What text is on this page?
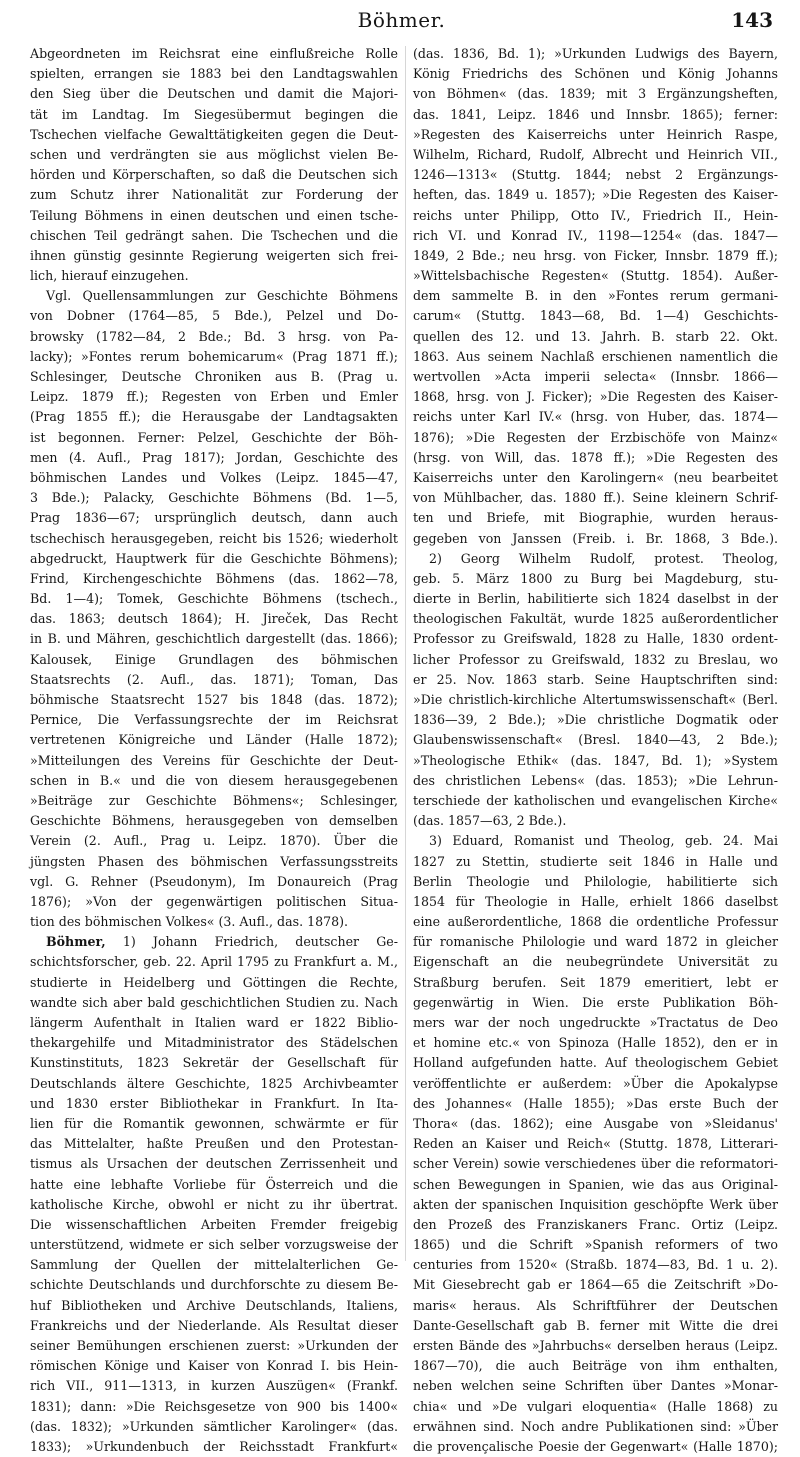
Böhmer.	143
Abgeordneten im Reichsrat eine einflußreiche Rolle
spielten, errangen sie 1883 bei den Landtagswahlen
den Sieg über die Deutschen und damit die Majori-
tät im Landtag. Im Siegesübermut begingen die
Tschechen vielfache Gewalttätigkeiten gegen die Deut-
schen und verdrängten sie aus möglichst vielen Be-
hörden und Körperschaften, so daß die Deutschen sich
zum Schutz ihrer Nationalität zur Forderung der
Teilung Böhmens in einen deutschen und einen tsche-
chischen Teil gedrängt sahen. Die Tschechen und die
ihnen günstig gesinnte Regierung weigerten sich frei-
lich, hierauf einzugehen.
Vgl. Quellensammlungen zur Geschichte Böhmens
von Dobner (1764—85, 5 Bde.), Pelzel und Do-
browsky (1782—84, 2 Bde.; Bd. 3 hrsg. von Pa-
lacky); »Fontes rerum bohemicarum« (Prag 1871 ff.);
Schlesinger, Deutsche Chroniken aus B. (Prag u.
Leipz. 1879 ff.); Regesten von Erben und Emler
(Prag 1855 ff.); die Herausgabe der Landtagsakten
ist begonnen. Ferner: Pelzel, Geschichte der Böh-
men (4. Aufl., Prag 1817); Jordan, Geschichte des
böhmischen Landes und Volkes (Leipz. 1845—47,
3 Bde.); Palacky, Geschichte Böhmens (Bd. 1—5,
Prag 1836—67; ursprünglich deutsch, dann auch
tschechisch herausgegeben, reicht bis 1526; wiederholt
abgedruckt, Hauptwerk für die Geschichte Böhmens);
Frind, Kirchengeschichte Böhmens (das. 1862—78,
Bd. 1—4); Tomek, Geschichte Böhmens (tschech.,
das. 1863; deutsch 1864); H. Jireček, Das Recht
in B. und Mähren, geschichtlich dargestellt (das. 1866);
Kalousek, Einige Grundlagen des böhmischen
Staatsrechts (2. Aufl., das. 1871); Toman, Das
böhmische Staatsrecht 1527 bis 1848 (das. 1872);
Pernice, Die Verfassungsrechte der im Reichsrat
vertretenen Königreiche und Länder (Halle 1872);
»Mitteilungen des Vereins für Geschichte der Deut-
schen in B.« und die von diesem herausgegebenen
»Beiträge zur Geschichte Böhmens«; Schlesinger,
Geschichte Böhmens, herausgegeben von demselben
Verein (2. Aufl., Prag u. Leipz. 1870). Über die
jüngsten Phasen des böhmischen Verfassungsstreits
vgl. G. Rehner (Pseudonym), Im Donaureich (Prag
1876); »Von der gegenwärtigen politischen Situa-
tion des böhmischen Volkes« (3. Aufl., das. 1878).
Böhmer, 1) Johann Friedrich, deutscher Ge-
schichtsforscher, geb. 22. April 1795 zu Frankfurt a. M.,
studierte in Heidelberg und Göttingen die Rechte,
wandte sich aber bald geschichtlichen Studien zu. Nach
längerm Aufenthalt in Italien ward er 1822 Biblio-
thekargehilfe und Mitadministrator des Städelschen
Kunstinstituts, 1823 Sekretär der Gesellschaft für
Deutschlands ältere Geschichte, 1825 Archivbeamter
und 1830 erster Bibliothekar in Frankfurt. In Ita-
lien für die Romantik gewonnen, schwärmte er für
das Mittelalter, haßte Preußen und den Protestan-
tismus als Ursachen der deutschen Zerrissenheit und
hatte eine lebhafte Vorliebe für Österreich und die
katholische Kirche, obwohl er nicht zu ihr übertrat.
Die wissenschaftlichen Arbeiten Fremder freigebig
unterstützend, widmete er sich selber vorzugsweise der
Sammlung der Quellen der mittelalterlichen Ge-
schichte Deutschlands und durchforschte zu diesem Be-
huf Bibliotheken und Archive Deutschlands, Italiens,
Frankreichs und der Niederlande. Als Resultat dieser
seiner Bemühungen erschienen zuerst: »Urkunden der
römischen Könige und Kaiser von Konrad I. bis Hein-
rich VII., 911—1313, in kurzen Auszügen« (Frankf.
1831); dann: »Die Reichsgesetze von 900 bis 1400«
(das. 1832); »Urkunden sämtlicher Karolinger« (das.
1833); »Urkundenbuch der Reichsstadt Frankfurt«
(das. 1836, Bd. 1); »Urkunden Ludwigs des Bayern,
König Friedrichs des Schönen und König Johanns
von Böhmen« (das. 1839; mit 3 Ergänzungsheften,
das. 1841, Leipz. 1846 und Innsbr. 1865); ferner:
»Regesten des Kaiserreichs unter Heinrich Raspe,
Wilhelm, Richard, Rudolf, Albrecht und Heinrich VII.,
1246—1313« (Stuttg. 1844; nebst 2 Ergänzungs-
heften, das. 1849 u. 1857); »Die Regesten des Kaiser-
reichs unter Philipp, Otto IV., Friedrich II., Hein-
rich VI. und Konrad IV., 1198—1254« (das. 1847—
1849, 2 Bde.; neu hrsg. von Ficker, Innsbr. 1879 ff.);
»Wittelsbachische Regesten« (Stuttg. 1854). Außer-
dem sammelte B. in den »Fontes rerum germani-
carum« (Stuttg. 1843—68, Bd. 1—4) Geschichts-
quellen des 12. und 13. Jahrh. B. starb 22. Okt.
1863. Aus seinem Nachlaß erschienen namentlich die
wertvollen »Acta imperii selecta« (Innsbr. 1866—
1868, hrsg. von J. Ficker); »Die Regesten des Kaiser-
reichs unter Karl IV.« (hrsg. von Huber, das. 1874—
1876); »Die Regesten der Erzbischöfe von Mainz«
(hrsg. von Will, das. 1878 ff.); »Die Regesten des
Kaiserreichs unter den Karolingern« (neu bearbeitet
von Mühlbacher, das. 1880 ff.). Seine kleinern Schrif-
ten und Briefe, mit Biographie, wurden heraus-
gegeben von Janssen (Freib. i. Br. 1868, 3 Bde.).
2) Georg Wilhelm Rudolf, protest. Theolog,
geb. 5. März 1800 zu Burg bei Magdeburg, stu-
dierte in Berlin, habilitierte sich 1824 daselbst in der
theologischen Fakultät, wurde 1825 außerordentlicher
Professor zu Greifswald, 1828 zu Halle, 1830 ordent-
licher Professor zu Greifswald, 1832 zu Breslau, wo
er 25. Nov. 1863 starb. Seine Hauptschriften sind:
»Die christlich-kirchliche Altertumswissenschaft« (Berl.
1836—39, 2 Bde.); »Die christliche Dogmatik oder
Glaubenswissenschaft« (Bresl. 1840—43, 2 Bde.);
»Theologische Ethik« (das. 1847, Bd. 1); »System
des christlichen Lebens« (das. 1853); »Die Lehrun-
terschiede der katholischen und evangelischen Kirche«
(das. 1857—63, 2 Bde.).
3) Eduard, Romanist und Theolog, geb. 24. Mai
1827 zu Stettin, studierte seit 1846 in Halle und
Berlin Theologie und Philologie, habilitierte sich
1854 für Theologie in Halle, erhielt 1866 daselbst
eine außerordentliche, 1868 die ordentliche Professur
für romanische Philologie und ward 1872 in gleicher
Eigenschaft an die neubegründete Universität zu
Straßburg berufen. Seit 1879 emeritiert, lebt er
gegenwärtig in Wien. Die erste Publikation Böh-
mers war der noch ungedruckte »Tractatus de Deo
et homine etc.« von Spinoza (Halle 1852), den er in
Holland aufgefunden hatte. Auf theologischem Gebiet
veröffentlichte er außerdem: »Über die Apokalypse
des Johannes« (Halle 1855); »Das erste Buch der
Thora« (das. 1862); eine Ausgabe von »Sleidanus'
Reden an Kaiser und Reich« (Stuttg. 1878, Litterari-
scher Verein) sowie verschiedenes über die reformatori-
schen Bewegungen in Spanien, wie das aus Original-
akten der spanischen Inquisition geschöpfte Werk über
den Prozeß des Franziskaners Franc. Ortiz (Leipz.
1865) und die Schrift »Spanish reformers of two
centuries from 1520« (Straßb. 1874—83, Bd. 1 u. 2).
Mit Giesebrecht gab er 1864—65 die Zeitschrift »Do-
maris« heraus. Als Schriftführer der Deutschen
Dante-Gesellschaft gab B. ferner mit Witte die drei
ersten Bände des »Jahrbuchs« derselben heraus (Leipz.
1867—70), die auch Beiträge von ihm enthalten,
neben welchen seine Schriften über Dantes »Monar-
chia« und »De vulgari eloquentia« (Halle 1868) zu
erwähnen sind. Noch andre Publikationen sind: »Über
die provençalische Poesie der Gegenwart« (Halle 1870);
